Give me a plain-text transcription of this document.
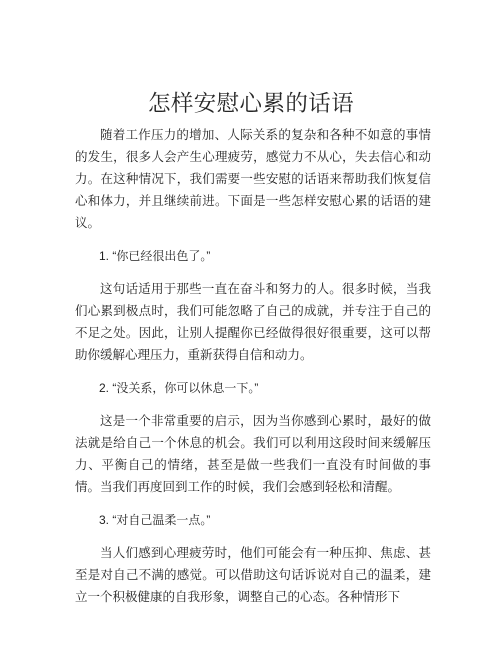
怎样安慰心累的话语

随着工作压力的增加、人际关系的复杂和各种不如意的事情的发生，很多人会产生心理疲劳，感觉力不从心，失去信心和动力。在这种情况下，我们需要一些安慰的话语来帮助我们恢复信心和体力，并且继续前进。下面是一些怎样安慰心累的话语的建议。

1. “你已经很出色了。”

这句话适用于那些一直在奋斗和努力的人。很多时候，当我们心累到极点时，我们可能忽略了自己的成就，并专注于自己的不足之处。因此，让别人提醒你已经做得很好很重要，这可以帮助你缓解心理压力，重新获得自信和动力。

2. “没关系，你可以休息一下。”

这是一个非常重要的启示，因为当你感到心累时，最好的做法就是给自己一个休息的机会。我们可以利用这段时间来缓解压力、平衡自己的情绪，甚至是做一些我们一直没有时间做的事情。当我们再度回到工作的时候，我们会感到轻松和清醒。

3. “对自己温柔一点。”

当人们感到心理疲劳时，他们可能会有一种压抑、焦虑、甚至是对自己不满的感觉。可以借助这句话诉说对自己的温柔，建立一个积极健康的自我形象，调整自己的心态。各种情形下
